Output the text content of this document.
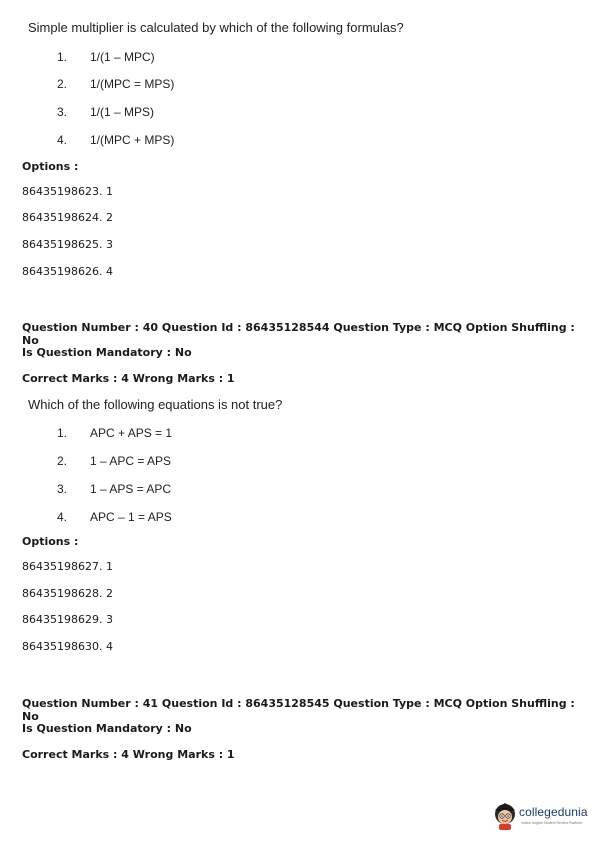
Simple multiplier is calculated by which of the following formulas?
1. 1/(1 – MPC)
2. 1/(MPC = MPS)
3. 1/(1 – MPS)
4. 1/(MPC + MPS)
Options :
86435198623. 1
86435198624. 2
86435198625. 3
86435198626. 4
Question Number : 40 Question Id : 86435128544 Question Type : MCQ Option Shuffling : No
Is Question Mandatory : No
Correct Marks : 4 Wrong Marks : 1
Which of the following equations is not true?
1. APC + APS = 1
2. 1 – APC = APS
3. 1 – APS = APC
4. APC – 1 = APS
Options :
86435198627. 1
86435198628. 2
86435198629. 3
86435198630. 4
Question Number : 41 Question Id : 86435128545 Question Type : MCQ Option Shuffling : No
Is Question Mandatory : No
Correct Marks : 4 Wrong Marks : 1
collegedunia
India's largest Student Review Platform
